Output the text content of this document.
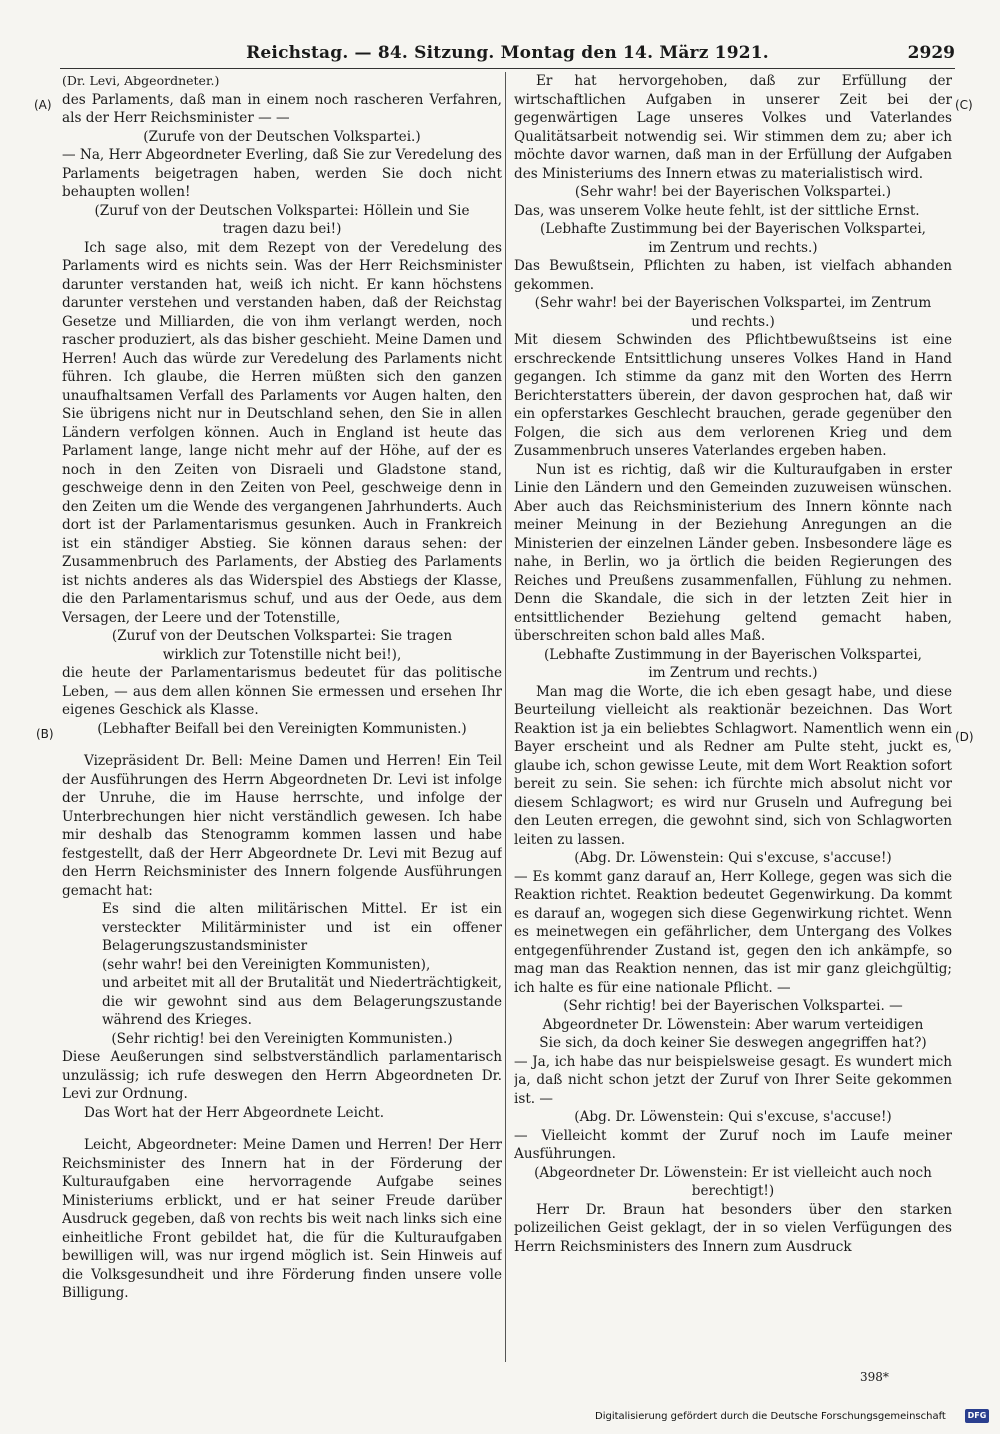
Reichstag. — 84. Sitzung. Montag den 14. März 1921.	2929
(A)
(B)
(C)
(D)

(Dr. Levi, Abgeordneter.)

des Parlaments, daß man in einem noch rascheren Verfahren, als der Herr Reichsminister — —

(Zurufe von der Deutschen Volkspartei.)

— Na, Herr Abgeordneter Everling, daß Sie zur Veredelung des Parlaments beigetragen haben, werden Sie doch nicht behaupten wollen!

(Zuruf von der Deutschen Volkspartei: Höllein und Sie tragen dazu bei!)

Ich sage also, mit dem Rezept von der Veredelung des Parlaments wird es nichts sein. Was der Herr Reichsminister darunter verstanden hat, weiß ich nicht. Er kann höchstens darunter verstehen und verstanden haben, daß der Reichstag Gesetze und Milliarden, die von ihm verlangt werden, noch rascher produziert, als das bisher geschieht. Meine Damen und Herren! Auch das würde zur Veredelung des Parlaments nicht führen. Ich glaube, die Herren müßten sich den ganzen unaufhaltsamen Verfall des Parlaments vor Augen halten, den Sie übrigens nicht nur in Deutschland sehen, den Sie in allen Ländern verfolgen können. Auch in England ist heute das Parlament lange, lange nicht mehr auf der Höhe, auf der es noch in den Zeiten von Disraeli und Gladstone stand, geschweige denn in den Zeiten von Peel, geschweige denn in den Zeiten um die Wende des vergangenen Jahrhunderts. Auch dort ist der Parlamentarismus gesunken. Auch in Frankreich ist ein ständiger Abstieg. Sie können daraus sehen: der Zusammenbruch des Parlaments, der Abstieg des Parlaments ist nichts anderes als das Widerspiel des Abstiegs der Klasse, die den Parlamentarismus schuf, und aus der Oede, aus dem Versagen, der Leere und der Totenstille,

(Zuruf von der Deutschen Volkspartei: Sie tragen wirklich zur Totenstille nicht bei!),

die heute der Parlamentarismus bedeutet für das politische Leben, — aus dem allen können Sie ermessen und ersehen Ihr eigenes Geschick als Klasse.

(Lebhafter Beifall bei den Vereinigten Kommunisten.)

Vizepräsident Dr. Bell: Meine Damen und Herren! Ein Teil der Ausführungen des Herrn Abgeordneten Dr. Levi ist infolge der Unruhe, die im Hause herrschte, und infolge der Unterbrechungen hier nicht verständlich gewesen. Ich habe mir deshalb das Stenogramm kommen lassen und habe festgestellt, daß der Herr Abgeordnete Dr. Levi mit Bezug auf den Herrn Reichsminister des Innern folgende Ausführungen gemacht hat:

Es sind die alten militärischen Mittel. Er ist ein versteckter Militärminister und ist ein offener Belagerungszustandsminister

(sehr wahr! bei den Vereinigten Kommunisten),

und arbeitet mit all der Brutalität und Niederträchtigkeit, die wir gewohnt sind aus dem Belagerungszustande während des Krieges.

(Sehr richtig! bei den Vereinigten Kommunisten.)

Diese Aeußerungen sind selbstverständlich parlamentarisch unzulässig; ich rufe deswegen den Herrn Abgeordneten Dr. Levi zur Ordnung.

Das Wort hat der Herr Abgeordnete Leicht.

Leicht, Abgeordneter: Meine Damen und Herren! Der Herr Reichsminister des Innern hat in der Förderung der Kulturaufgaben eine hervorragende Aufgabe seines Ministeriums erblickt, und er hat seiner Freude darüber Ausdruck gegeben, daß von rechts bis weit nach links sich eine einheitliche Front gebildet hat, die für die Kulturaufgaben bewilligen will, was nur irgend möglich ist. Sein Hinweis auf die Volksgesundheit und ihre Förderung finden unsere volle Billigung.

Er hat hervorgehoben, daß zur Erfüllung der wirtschaftlichen Aufgaben in unserer Zeit bei der gegenwärtigen Lage unseres Volkes und Vaterlandes Qualitätsarbeit notwendig sei. Wir stimmen dem zu; aber ich möchte davor warnen, daß man in der Erfüllung der Aufgaben des Ministeriums des Innern etwas zu materialistisch wird.

(Sehr wahr! bei der Bayerischen Volkspartei.)

Das, was unserem Volke heute fehlt, ist der sittliche Ernst.

(Lebhafte Zustimmung bei der Bayerischen Volkspartei, im Zentrum und rechts.)

Das Bewußtsein, Pflichten zu haben, ist vielfach abhanden gekommen.

(Sehr wahr! bei der Bayerischen Volkspartei, im Zentrum und rechts.)

Mit diesem Schwinden des Pflichtbewußtseins ist eine erschreckende Entsittlichung unseres Volkes Hand in Hand gegangen. Ich stimme da ganz mit den Worten des Herrn Berichterstatters überein, der davon gesprochen hat, daß wir ein opferstarkes Geschlecht brauchen, gerade gegenüber den Folgen, die sich aus dem verlorenen Krieg und dem Zusammenbruch unseres Vaterlandes ergeben haben.

Nun ist es richtig, daß wir die Kulturaufgaben in erster Linie den Ländern und den Gemeinden zuzuweisen wünschen. Aber auch das Reichsministerium des Innern könnte nach meiner Meinung in der Beziehung Anregungen an die Ministerien der einzelnen Länder geben. Insbesondere läge es nahe, in Berlin, wo ja örtlich die beiden Regierungen des Reiches und Preußens zusammenfallen, Fühlung zu nehmen. Denn die Skandale, die sich in der letzten Zeit hier in entsittlichender Beziehung geltend gemacht haben, überschreiten schon bald alles Maß.

(Lebhafte Zustimmung in der Bayerischen Volkspartei, im Zentrum und rechts.)

Man mag die Worte, die ich eben gesagt habe, und diese Beurteilung vielleicht als reaktionär bezeichnen. Das Wort Reaktion ist ja ein beliebtes Schlagwort. Namentlich wenn ein Bayer erscheint und als Redner am Pulte steht, juckt es, glaube ich, schon gewisse Leute, mit dem Wort Reaktion sofort bereit zu sein. Sie sehen: ich fürchte mich absolut nicht vor diesem Schlagwort; es wird nur Gruseln und Aufregung bei den Leuten erregen, die gewohnt sind, sich von Schlagworten leiten zu lassen.

(Abg. Dr. Löwenstein: Qui s'excuse, s'accuse!)

— Es kommt ganz darauf an, Herr Kollege, gegen was sich die Reaktion richtet. Reaktion bedeutet Gegenwirkung. Da kommt es darauf an, wogegen sich diese Gegenwirkung richtet. Wenn es meinetwegen ein gefährlicher, dem Untergang des Volkes entgegenführender Zustand ist, gegen den ich ankämpfe, so mag man das Reaktion nennen, das ist mir ganz gleichgültig; ich halte es für eine nationale Pflicht. —

(Sehr richtig! bei der Bayerischen Volkspartei. — Abgeordneter Dr. Löwenstein: Aber warum verteidigen Sie sich, da doch keiner Sie deswegen angegriffen hat?)

— Ja, ich habe das nur beispielsweise gesagt. Es wundert mich ja, daß nicht schon jetzt der Zuruf von Ihrer Seite gekommen ist. —

(Abg. Dr. Löwenstein: Qui s'excuse, s'accuse!)

— Vielleicht kommt der Zuruf noch im Laufe meiner Ausführungen.

(Abgeordneter Dr. Löwenstein: Er ist vielleicht auch noch berechtigt!)

Herr Dr. Braun hat besonders über den starken polizeilichen Geist geklagt, der in so vielen Verfügungen des Herrn Reichsministers des Innern zum Ausdruck

398*
Digitalisierung gefördert durch die Deutsche Forschungsgemeinschaft	DFG
